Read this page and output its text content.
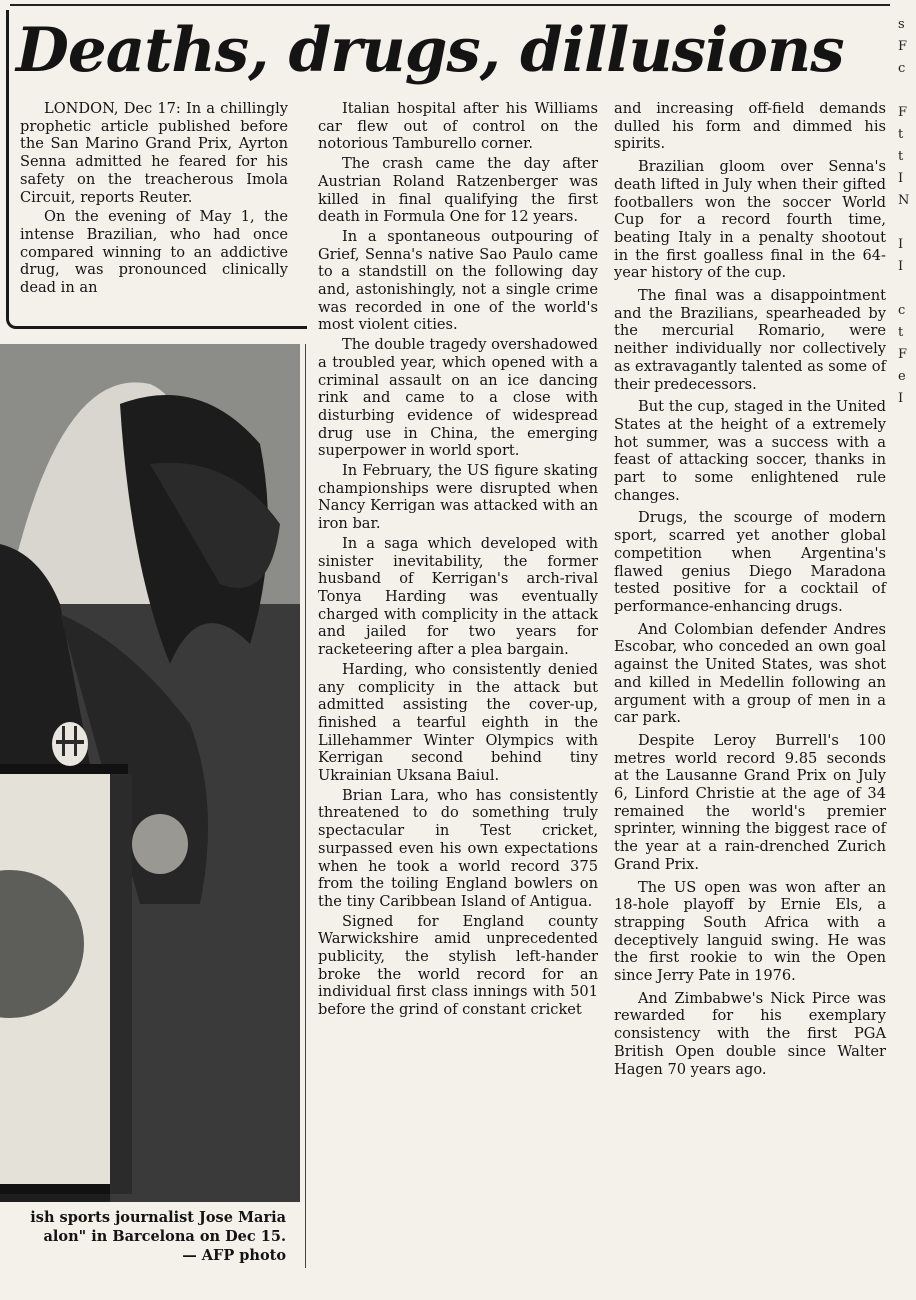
Deaths, drugs, dillusions

LONDON, Dec 17: In a chillingly prophetic article published before the San Marino Grand Prix, Ayrton Senna admitted he feared for his safety on the treacherous Imola Circuit, reports Reuter.

On the evening of May 1, the intense Brazilian, who had once compared winning to an addictive drug, was pronounced clinically dead in an

ish sports journalist Jose Maria
alon" in Barcelona on Dec 15.
— AFP photo

Italian hospital after his Williams car flew out of control on the notorious Tamburello corner.

The crash came the day after Austrian Roland Ratzenberger was killed in final qualifying the first death in Formula One for 12 years.

In a spontaneous outpouring of Grief, Senna's native Sao Paulo came to a standstill on the following day and, astonishingly, not a single crime was recorded in one of the world's most violent cities.

The double tragedy overshadowed a troubled year, which opened with a criminal assault on an ice dancing rink and came to a close with disturbing evidence of widespread drug use in China, the emerging superpower in world sport.

In February, the US figure skating championships were disrupted when Nancy Kerrigan was attacked with an iron bar.

In a saga which developed with sinister inevitability, the former husband of Kerrigan's arch-rival Tonya Harding was eventually charged with complicity in the attack and jailed for two years for racketeering after a plea bargain.

Harding, who consistently denied any complicity in the attack but admitted assisting the cover-up, finished a tearful eighth in the Lillehammer Winter Olympics with Kerrigan second behind tiny Ukrainian Uksana Baiul.

Brian Lara, who has consistently threatened to do something truly spectacular in Test cricket, surpassed even his own expectations when he took a world record 375 from the toiling England bowlers on the tiny Caribbean Island of Antigua.

Signed for England county Warwickshire amid unprecedented publicity, the stylish left-hander broke the world record for an individual first class innings with 501 before the grind of constant cricket

and increasing off-field demands dulled his form and dimmed his spirits.

Brazilian gloom over Senna's death lifted in July when their gifted footballers won the soccer World Cup for a record fourth time, beating Italy in a penalty shootout in the first goalless final in the 64-year history of the cup.

The final was a disappointment and the Brazilians, spearheaded by the mercurial Romario, were neither individually nor collectively as extravagantly talented as some of their predecessors.

But the cup, staged in the United States at the height of a extremely hot summer, was a success with a feast of attacking soccer, thanks in part to some enlightened rule changes.

Drugs, the scourge of modern sport, scarred yet another global competition when Argentina's flawed genius Diego Maradona tested positive for a cocktail of performance-enhancing drugs.

And Colombian defender Andres Escobar, who conceded an own goal against the United States, was shot and killed in Medellin following an argument with a group of men in a car park.

Despite Leroy Burrell's 100 metres world record 9.85 seconds at the Lausanne Grand Prix on July 6, Linford Christie at the age of 34 remained the world's premier sprinter, winning the biggest race of the year at a rain-drenched Zurich Grand Prix.

The US open was won after an 18-hole playoff by Ernie Els, a strapping South Africa with a deceptively languid swing. He was the first rookie to win the Open since Jerry Pate in 1976.

And Zimbabwe's Nick Pirce was rewarded for his exemplary consistency with the first PGA British Open double since Walter Hagen 70 years ago.

s
F
c
F
t
t
I
N
I
I
c
t
F
e
I
